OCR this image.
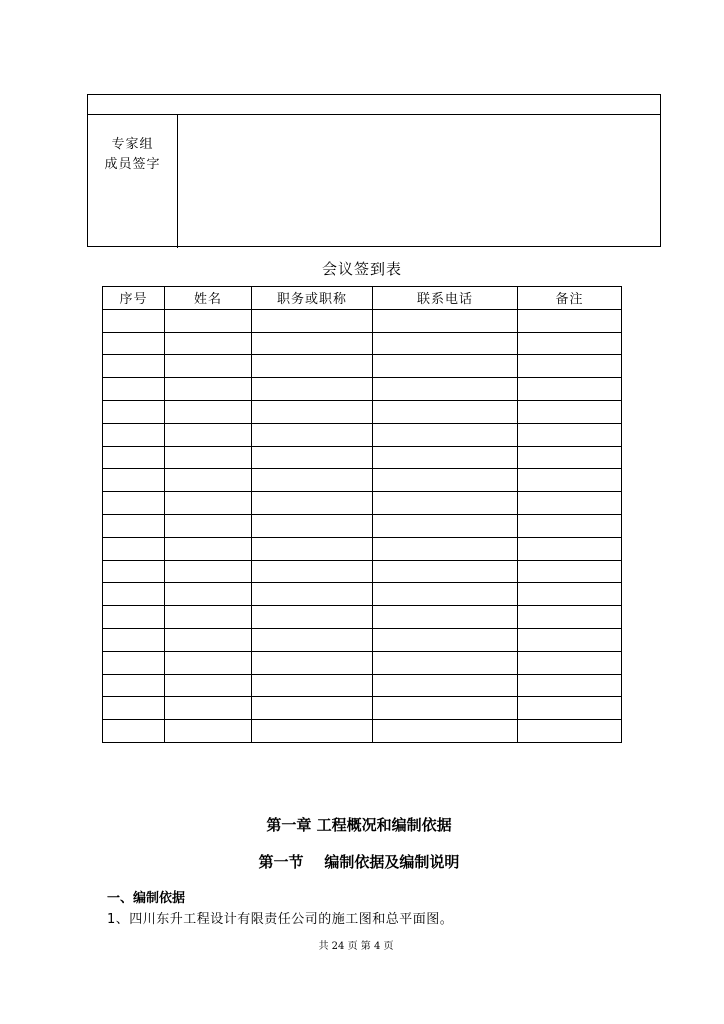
专家组
成员签字
会议签到表
序号	姓名	职务或职称	联系电话	备注

第一章 工程概况和编制依据
第一节    编制依据及编制说明
一、编制依据
1、四川东升工程设计有限责任公司的施工图和总平面图。
共 24 页 第 4 页
